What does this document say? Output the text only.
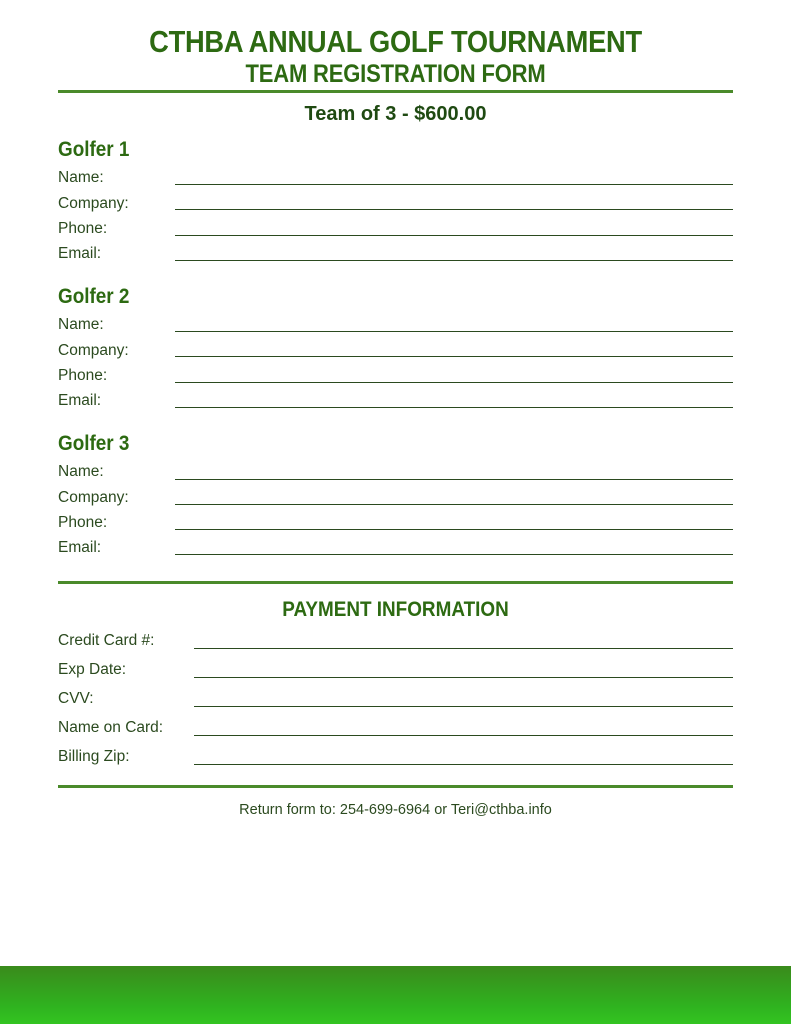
CTHBA ANNUAL GOLF TOURNAMENT
TEAM REGISTRATION FORM
Team of 3 - $600.00
Golfer 1
Name:
Company:
Phone:
Email:
Golfer 2
Name:
Company:
Phone:
Email:
Golfer 3
Name:
Company:
Phone:
Email:
PAYMENT INFORMATION
Credit Card #:
Exp Date:
CVV:
Name on Card:
Billing Zip:
Return form to: 254-699-6964 or Teri@cthba.info
